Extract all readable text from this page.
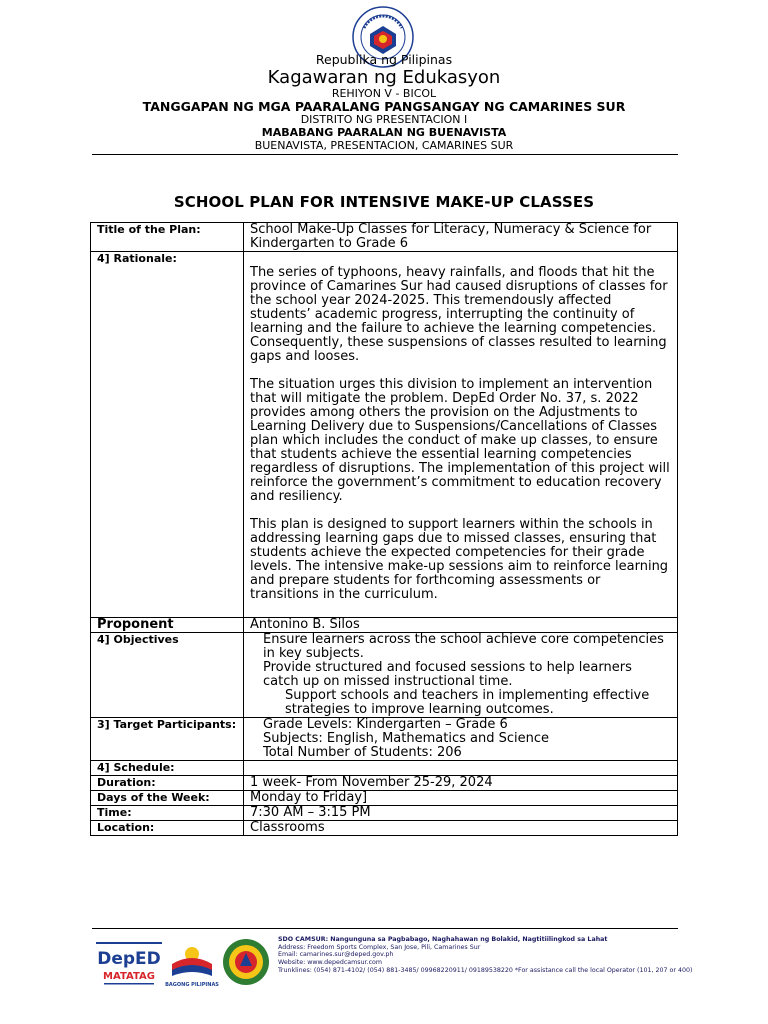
Republika ng Pilipinas
Kagawaran ng Edukasyon
REHIYON V - BICOL
TANGGAPAN NG MGA PAARALANG PANGSANGAY NG CAMARINES SUR
DISTRITO NG PRESENTACION I
MABABANG PAARALAN NG BUENAVISTA
BUENAVISTA, PRESENTACION, CAMARINES SUR
SCHOOL PLAN FOR INTENSIVE MAKE-UP CLASSES
Title of the Plan:	School Make-Up Classes for Literacy, Numeracy & Science for Kindergarten to Grade 6
4] Rationale:	The series of typhoons, heavy rainfalls, and floods that hit the province of Camarines Sur had caused disruptions of classes for the school year 2024-2025. This tremendously affected students’ academic progress, interrupting the continuity of learning and the failure to achieve the learning competencies. Consequently, these suspensions of classes resulted to learning gaps and looses.

The situation urges this division to implement an intervention that will mitigate the problem. DepEd Order No. 37, s. 2022 provides among others the provision on the Adjustments to Learning Delivery due to Suspensions/Cancellations of Classes plan which includes the conduct of make up classes, to ensure that students achieve the essential learning competencies regardless of disruptions. The implementation of this project will reinforce the government’s commitment to education recovery and resiliency.

This plan is designed to support learners within the schools in addressing learning gaps due to missed classes, ensuring that students achieve the expected competencies for their grade levels. The intensive make-up sessions aim to reinforce learning and prepare students for forthcoming assessments or transitions in the curriculum.

Proponent	Antonino B. Silos
4] Objectives	Ensure learners across the school achieve core competencies in key subjects.
Provide structured and focused sessions to help learners catch up on missed instructional time.
Support schools and teachers in implementing effective strategies to improve learning outcomes.

3] Target Participants:	Grade Levels: Kindergarten – Grade 6
Subjects: English, Mathematics and Science
Total Number of Students: 206

4] Schedule:	
Duration:	1 week- From November 25-29, 2024
Days of the Week:	Monday to Friday]
Time:	7:30 AM – 3:15 PM
Location:	Classrooms
DepED
MATATAG
BAGONG PILIPINAS
SDO CAMSUR: Nangunguna sa Pagbabago, Naghahawan ng Bolakid, Nagtitiilingkod sa Lahat
Address: Freedom Sports Complex, San Jose, Pili, Camarines Sur
Email: camarines.sur@deped.gov.ph
Website: www.depedcamsur.com
Trunklines: (054) 871-4102/ (054) 881-3485/ 09968220911/ 09189538220 *For assistance call the local Operator (101, 207 or 400)
